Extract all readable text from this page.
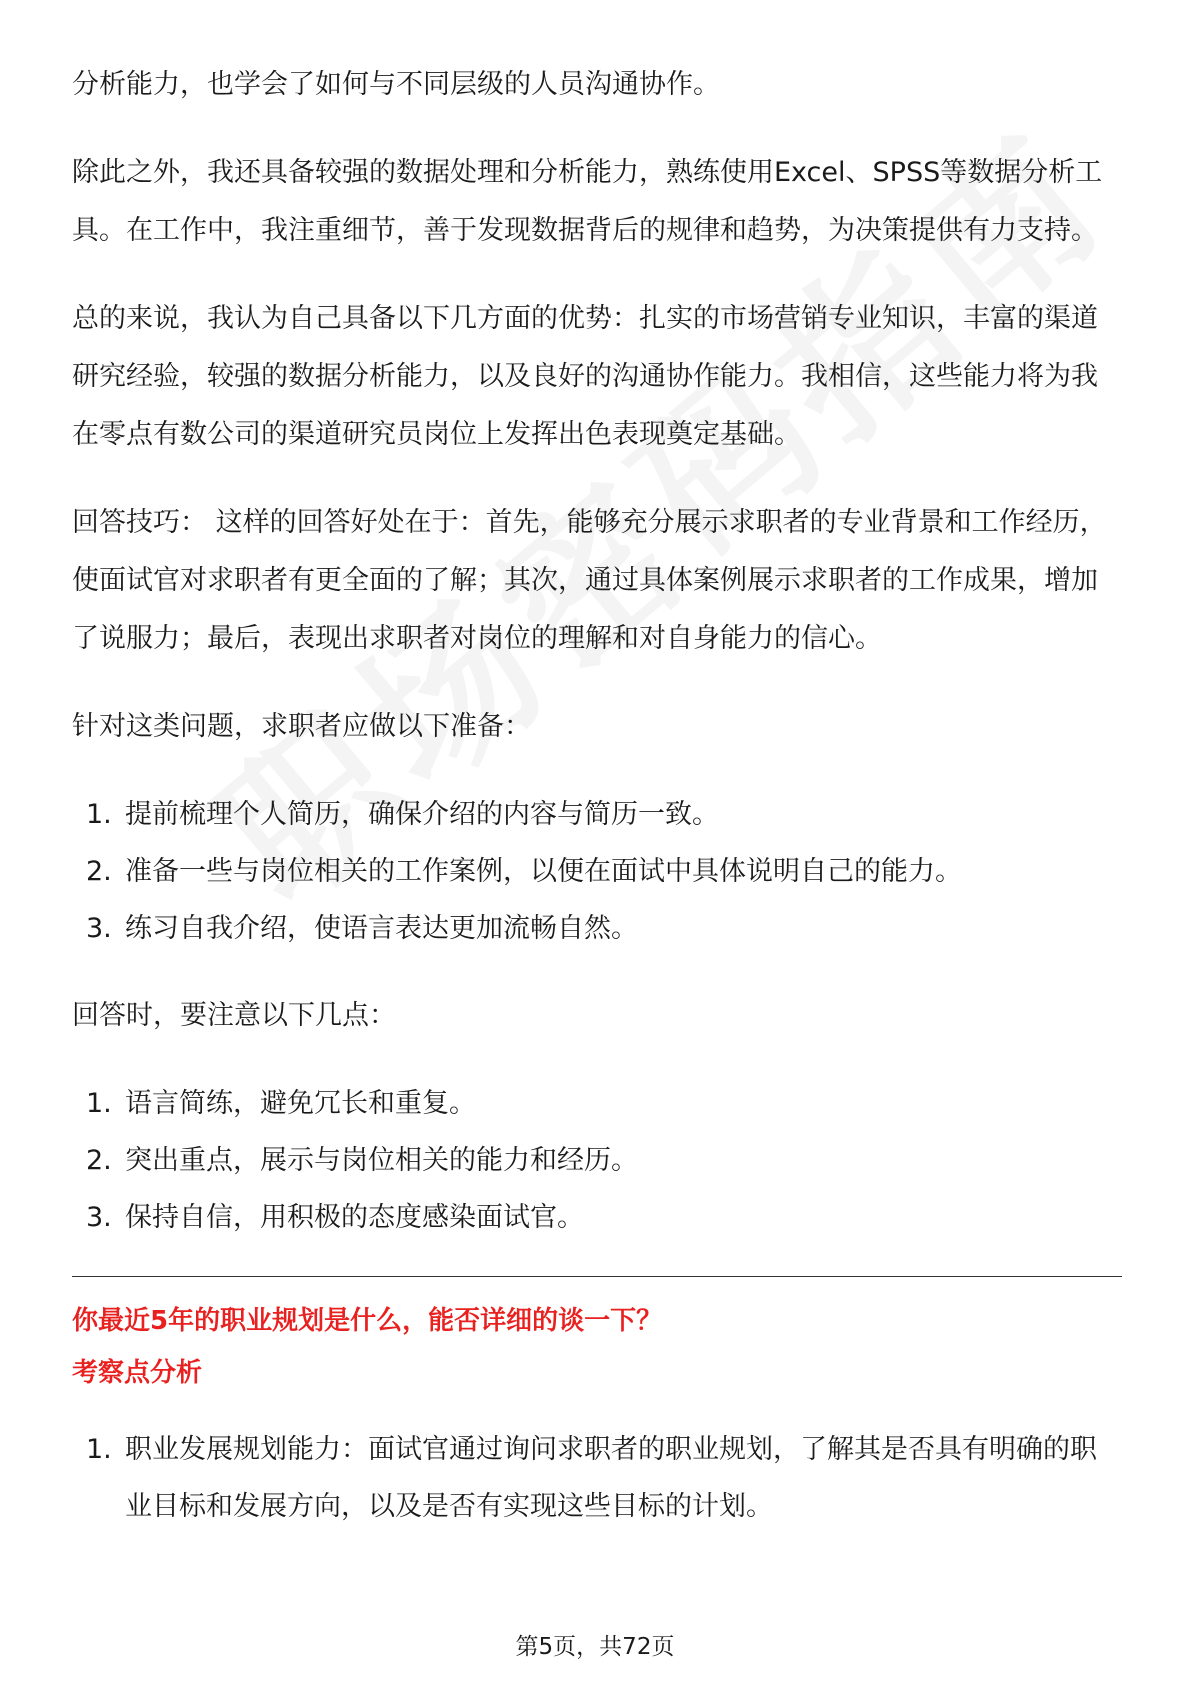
分析能力，也学会了如何与不同层级的人员沟通协作。

除此之外，我还具备较强的数据处理和分析能力，熟练使用Excel、SPSS等数据分析工具。在工作中，我注重细节，善于发现数据背后的规律和趋势，为决策提供有力支持。

总的来说，我认为自己具备以下几方面的优势：扎实的市场营销专业知识，丰富的渠道研究经验，较强的数据分析能力，以及良好的沟通协作能力。我相信，这些能力将为我在零点有数公司的渠道研究员岗位上发挥出色表现奠定基础。

回答技巧： 这样的回答好处在于：首先，能够充分展示求职者的专业背景和工作经历，使面试官对求职者有更全面的了解；其次，通过具体案例展示求职者的工作成果，增加了说服力；最后，表现出求职者对岗位的理解和对自身能力的信心。

针对这类问题，求职者应做以下准备：

1. 提前梳理个人简历，确保介绍的内容与简历一致。
2. 准备一些与岗位相关的工作案例，以便在面试中具体说明自己的能力。
3. 练习自我介绍，使语言表达更加流畅自然。

回答时，要注意以下几点：

1. 语言简练，避免冗长和重复。
2. 突出重点，展示与岗位相关的能力和经历。
3. 保持自信，用积极的态度感染面试官。
你最近5年的职业规划是什么，能否详细的谈一下？
考察点分析
1. 职业发展规划能力：面试官通过询问求职者的职业规划，了解其是否具有明确的职业目标和发展方向，以及是否有实现这些目标的计划。
第5页，共72页
